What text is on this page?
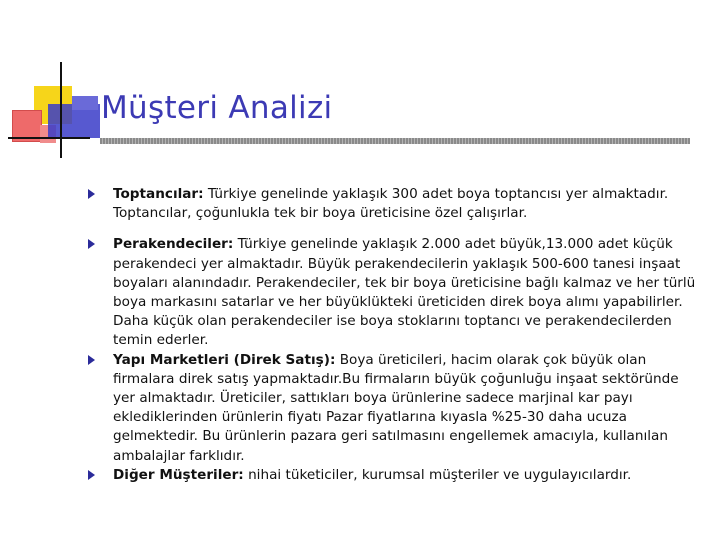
Müşteri Analizi
Toptancılar: Türkiye genelinde yaklaşık 300 adet boya toptancısı yer almaktadır. Toptancılar, çoğunlukla tek bir boya üreticisine özel çalışırlar.
Perakendeciler: Türkiye genelinde yaklaşık 2.000 adet büyük,13.000 adet küçük perakendeci yer almaktadır. Büyük perakendecilerin yaklaşık 500-600 tanesi inşaat boyaları alanındadır. Perakendeciler, tek bir boya üreticisine bağlı kalmaz ve her türlü boya markasını satarlar ve her büyüklükteki üreticiden direk boya alımı yapabilirler. Daha küçük olan perakendeciler ise boya stoklarını toptancı ve perakendecilerden temin ederler.
Yapı Marketleri (Direk Satış): Boya üreticileri, hacim olarak çok büyük olan firmalara direk satış yapmaktadır.Bu firmaların büyük çoğunluğu inşaat sektöründe yer almaktadır. Üreticiler, sattıkları boya ürünlerine sadece marjinal kar payı ekledikleri̇nden ürünlerin fiyatı Pazar fiyatlarına kıyasla %25-30 daha ucuza gelmektedir. Bu ürünlerin pazara geri satılmasını engellemek amacıyla, kullanılan ambalajlar farklıdır.
Diğer Müşteriler: nihai tüketiciler, kurumsal müşteriler ve uygulayıcılardır.
